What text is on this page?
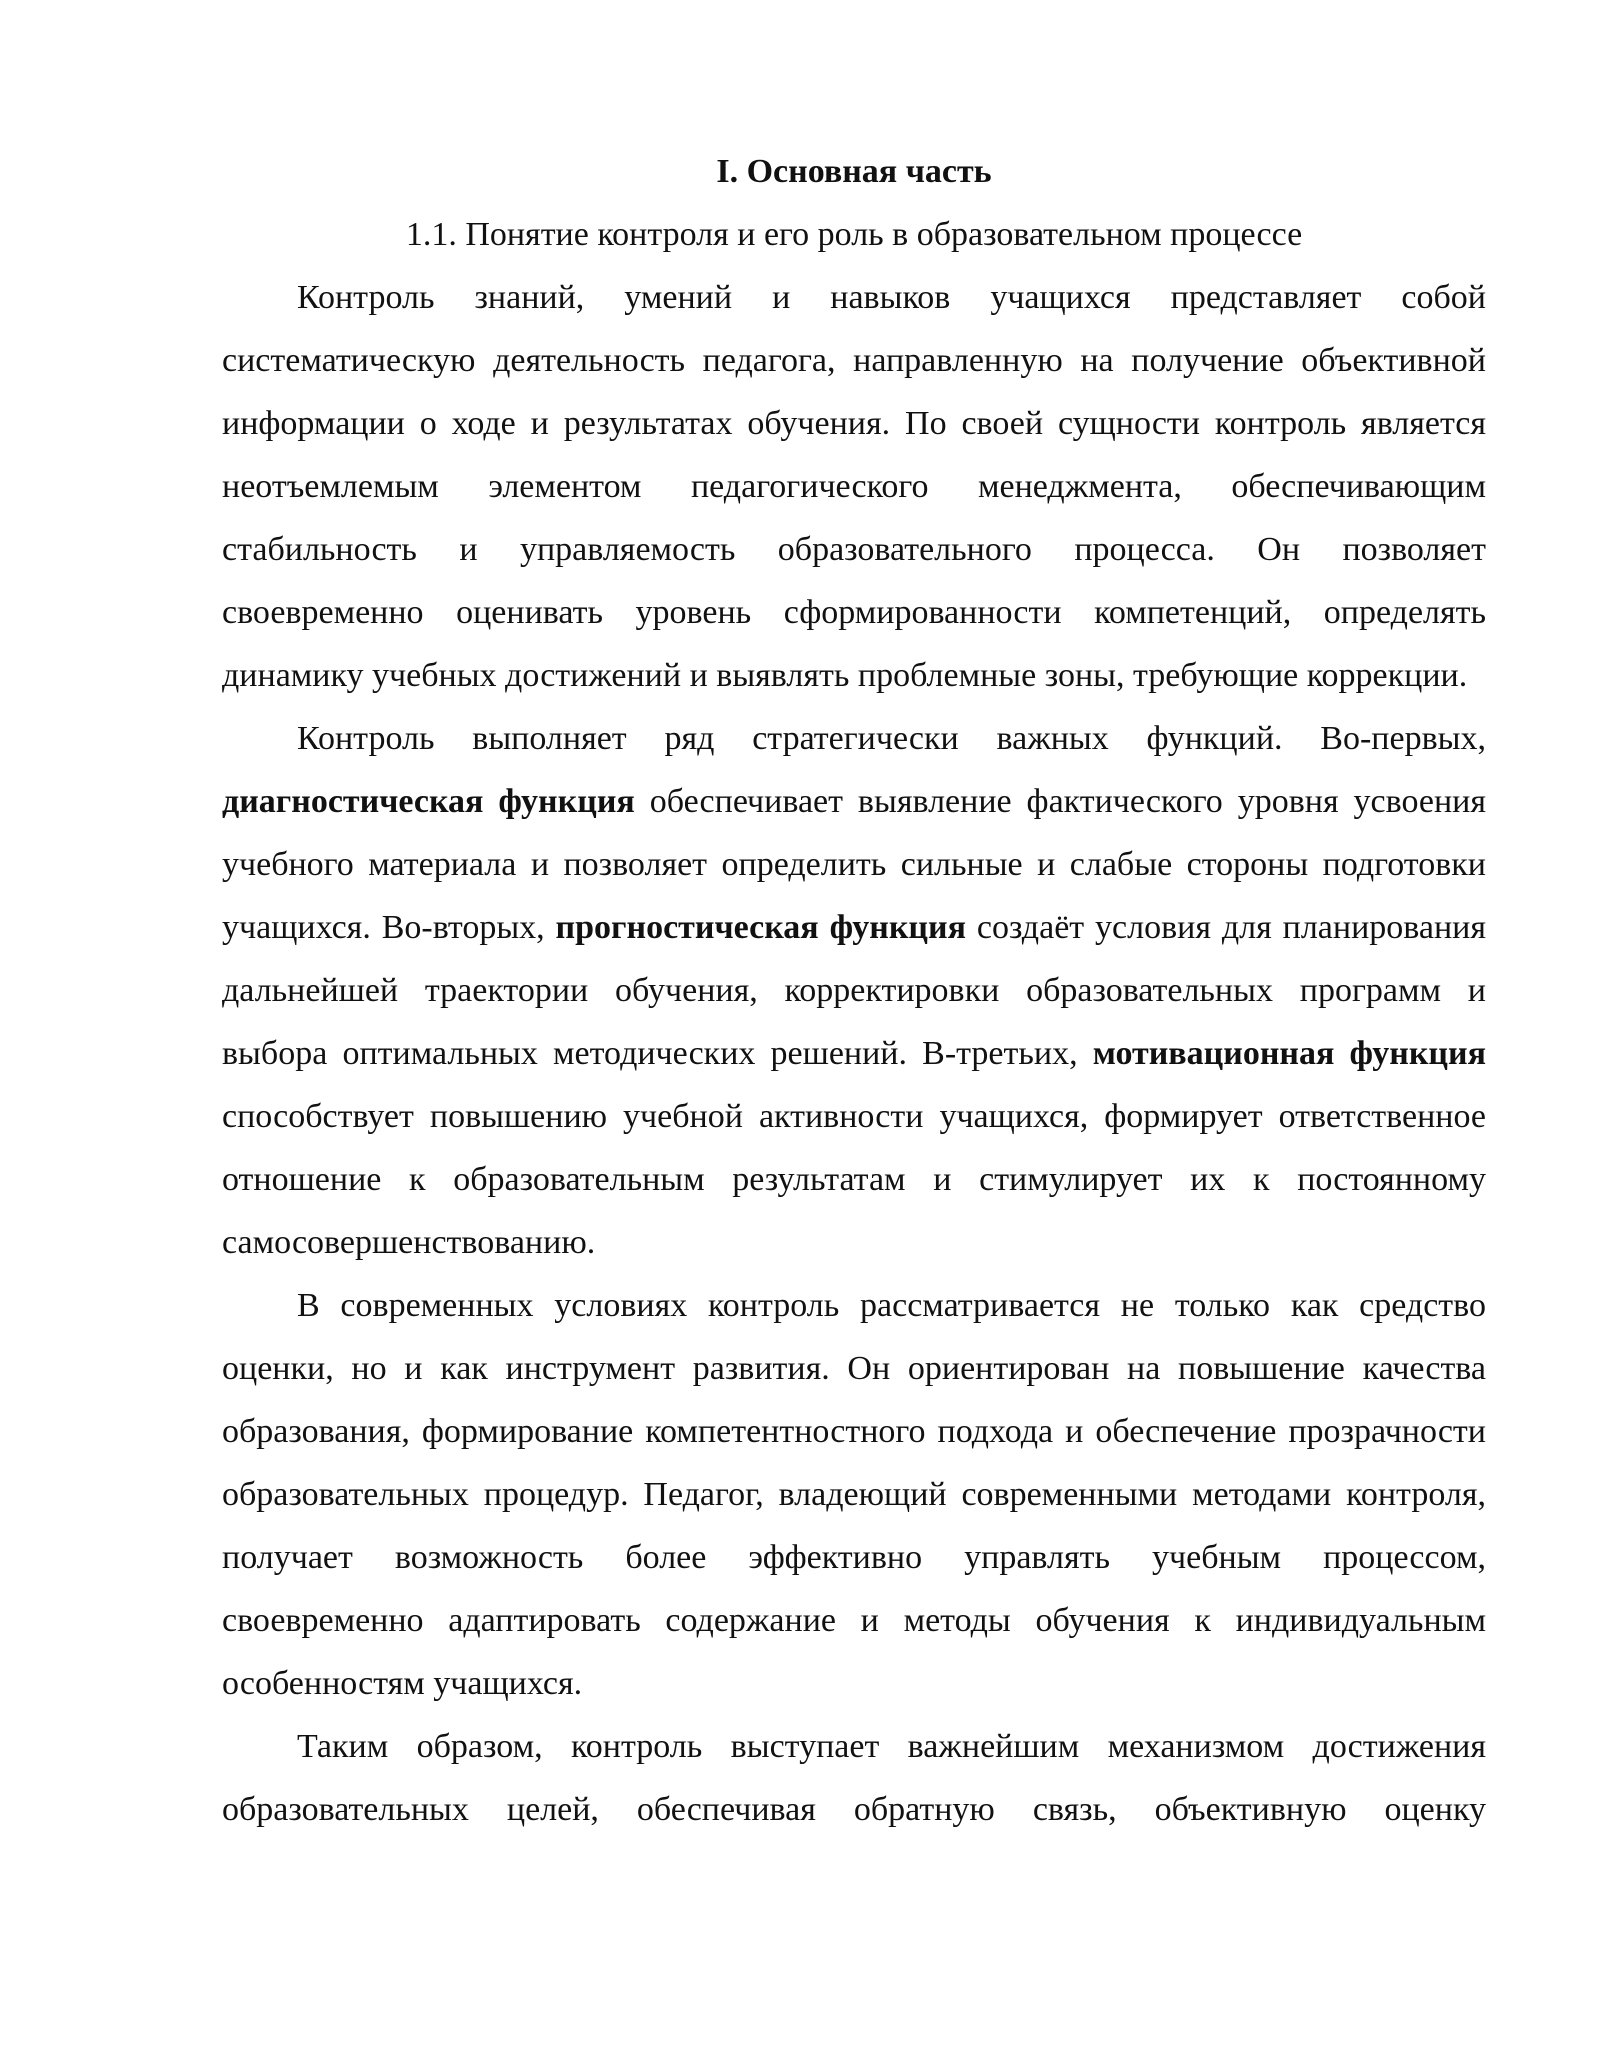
I. Основная часть

1.1. Понятие контроля и его роль в образовательном процессе

Контроль знаний, умений и навыков учащихся представляет собой систематическую деятельность педагога, направленную на получение объективной информации о ходе и результатах обучения. По своей сущности контроль является неотъемлемым элементом педагогического менеджмента, обеспечивающим стабильность и управляемость образовательного процесса. Он позволяет своевременно оценивать уровень сформированности компетенций, определять динамику учебных достижений и выявлять проблемные зоны, требующие коррекции.

Контроль выполняет ряд стратегически важных функций. Во-первых, диагностическая функция обеспечивает выявление фактического уровня усвоения учебного материала и позволяет определить сильные и слабые стороны подготовки учащихся. Во-вторых, прогностическая функция создаёт условия для планирования дальнейшей траектории обучения, корректировки образовательных программ и выбора оптимальных методических решений. В-третьих, мотивационная функция способствует повышению учебной активности учащихся, формирует ответственное отношение к образовательным результатам и стимулирует их к постоянному самосовершенствованию.

В современных условиях контроль рассматривается не только как средство оценки, но и как инструмент развития. Он ориентирован на повышение качества образования, формирование компетентностного подхода и обеспечение прозрачности образовательных процедур. Педагог, владеющий современными методами контроля, получает возможность более эффективно управлять учебным процессом, своевременно адаптировать содержание и методы обучения к индивидуальным особенностям учащихся.

Таким образом, контроль выступает важнейшим механизмом достижения образовательных целей, обеспечивая обратную связь, объективную оценку
